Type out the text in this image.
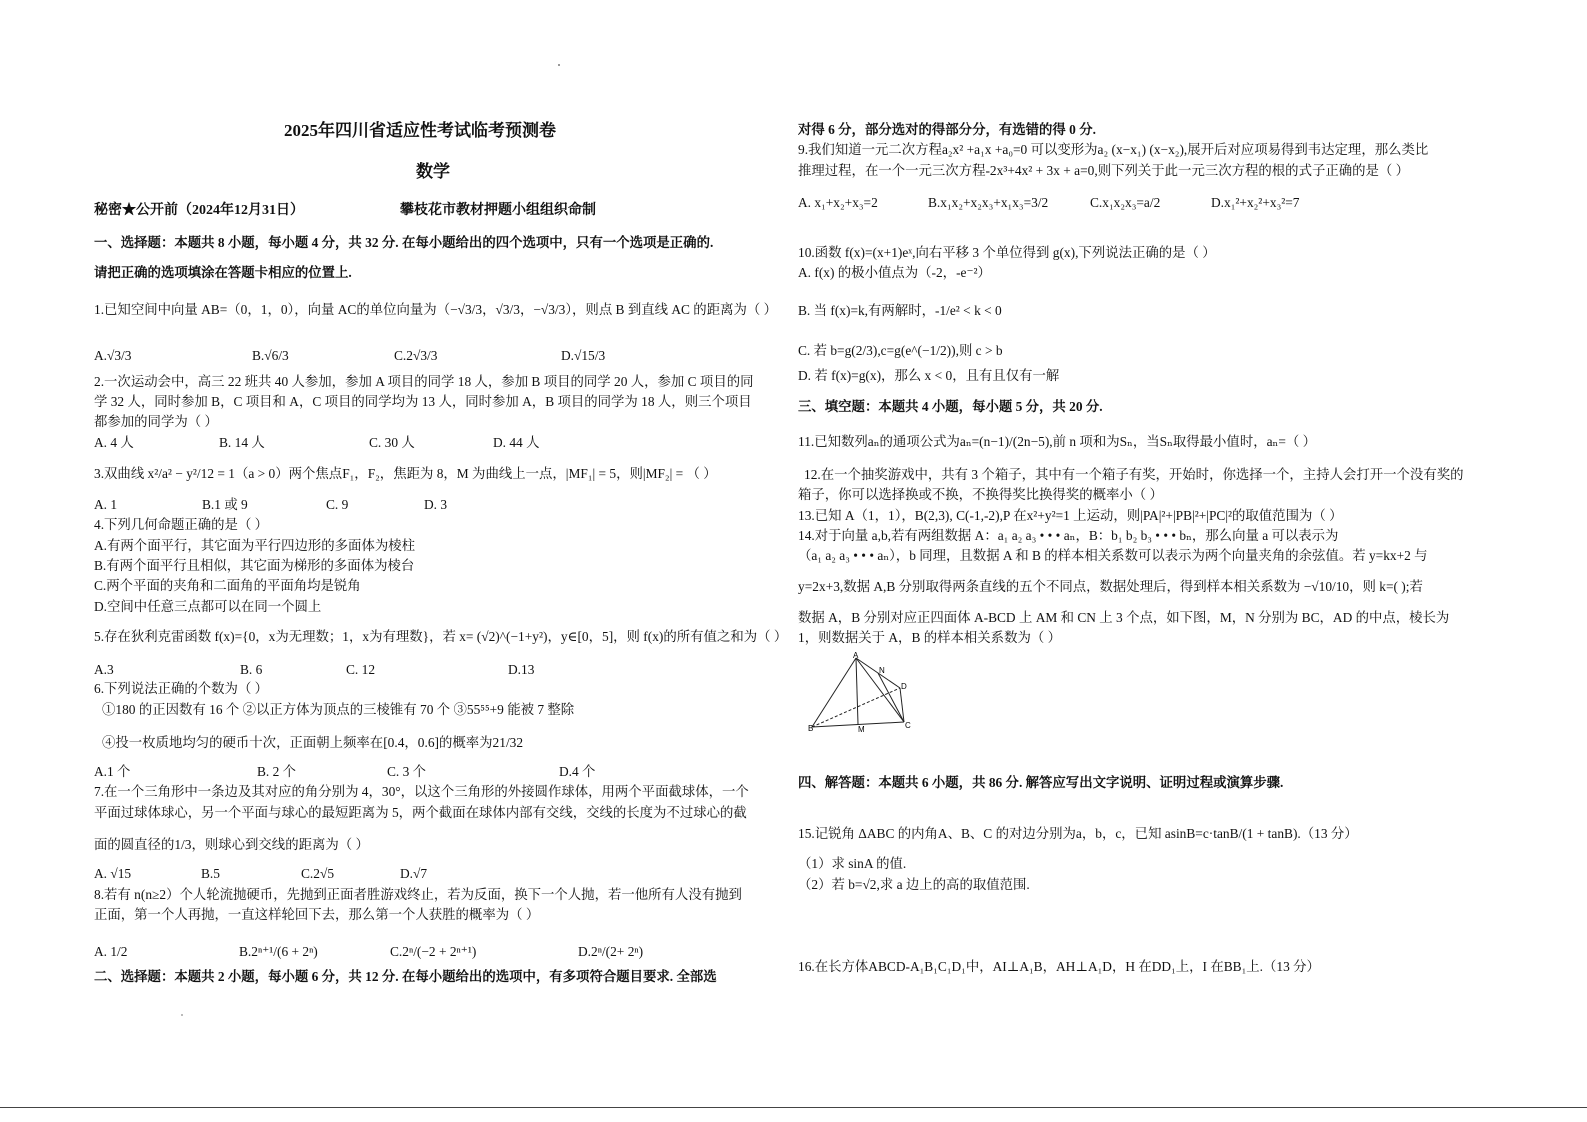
2025年四川省适应性考试临考预测卷
数学
秘密★公开前（2024年12月31日）	攀枝花市教材押题小组组织命制
一、选择题：本题共 8 小题，每小题 4 分，共 32 分. 在每小题给出的四个选项中，只有一个选项是正确的.
请把正确的选项填涂在答题卡相应的位置上.
1.已知空间中向量 AB=（0，1，0），向量 AC的单位向量为（−√3/3，√3/3，−√3/3），则点 B 到直线 AC 的距离为（ ）
A.√3/3	B.√6/3	C.2√3/3	D.√15/3
2.一次运动会中，高三 22 班共 40 人参加，参加 A 项目的同学 18 人，参加 B 项目的同学 20 人，参加 C 项目的同
学 32 人，同时参加 B，C 项目和 A，C 项目的同学均为 13 人，同时参加 A，B 项目的同学为 18 人，则三个项目
都参加的同学为（ ）
A. 4 人	B. 14 人	C. 30 人	D. 44 人
3.双曲线 x²/a² − y²/12 = 1（a > 0）两个焦点F₁，F₂，焦距为 8，M 为曲线上一点，|MF₁| = 5，则|MF₂| = （ ）
A. 1	B.1 或 9	C. 9	D. 3
4.下列几何命题正确的是（ ）
A.有两个面平行，其它面为平行四边形的多面体为棱柱
B.有两个面平行且相似，其它面为梯形的多面体为棱台
C.两个平面的夹角和二面角的平面角均是锐角
D.空间中任意三点都可以在同一个圆上
5.存在狄利克雷函数 f(x)={0，x为无理数；1，x为有理数}，若 x= (√2)^(−1+y²)，y∈[0，5]，则 f(x)的所有值之和为（ ）
A.3	B. 6	C. 12	D.13
6.下列说法正确的个数为（ ）
①180 的正因数有 16 个 ②以正方体为顶点的三棱锥有 70 个 ③55⁵⁵+9 能被 7 整除
④投一枚质地均匀的硬币十次，正面朝上频率在[0.4，0.6]的概率为21/32
A.1 个	B. 2 个	C. 3 个	D.4 个
7.在一个三角形中一条边及其对应的角分别为 4，30°，以这个三角形的外接圆作球体，用两个平面截球体，一个
平面过球体球心，另一个平面与球心的最短距离为 5，两个截面在球体内部有交线，交线的长度为不过球心的截
面的圆直径的1/3，则球心到交线的距离为（ ）
A. √15	B.5	C.2√5	D.√7
8.若有 n(n≥2）个人轮流抛硬币，先抛到正面者胜游戏终止，若为反面，换下一个人抛，若一他所有人没有抛到
正面，第一个人再抛，一直这样轮回下去，那么第一个人获胜的概率为（ ）
A. 1/2	B.2ⁿ⁺¹/(6 + 2ⁿ)	C.2ⁿ/(−2 + 2ⁿ⁺¹)	D.2ⁿ/(2+ 2ⁿ)
二、选择题：本题共 2 小题，每小题 6 分，共 12 分. 在每小题给出的选项中，有多项符合题目要求. 全部选
对得 6 分，部分选对的得部分分，有选错的得 0 分.
9.我们知道一元二次方程a₂x² +a₁x +a₀=0 可以变形为a₂ (x−x₁) (x−x₂),展开后对应项易得到韦达定理，那么类比
推理过程，在一个一元三次方程-2x³+4x² + 3x + a=0,则下列关于此一元三次方程的根的式子正确的是（ ）
A. x₁+x₂+x₃=2	B.x₁x₂+x₂x₃+x₁x₃=3/2	C.x₁x₂x₃=a/2	D.x₁²+x₂²+x₃²=7
10.函数 f(x)=(x+1)eˣ,向右平移 3 个单位得到 g(x),下列说法正确的是（ ）
A. f(x) 的极小值点为（-2，-e⁻²）
B. 当 f(x)=k,有两解时，-1/e² < k < 0
C. 若 b=g(2/3),c=g(e^(−1/2)),则 c > b
D. 若 f(x)=g(x)，那么 x < 0，且有且仅有一解
三、填空题：本题共 4 小题，每小题 5 分，共 20 分.
11.已知数列aₙ的通项公式为aₙ=(n−1)/(2n−5),前 n 项和为Sₙ，当Sₙ取得最小值时，aₙ=（ ）
12.在一个抽奖游戏中，共有 3 个箱子，其中有一个箱子有奖，开始时，你选择一个，主持人会打开一个没有奖的
箱子，你可以选择换或不换，不换得奖比换得奖的概率小（ ）
13.已知 A（1，1），B(2,3), C(-1,-2),P 在x²+y²=1 上运动，则|PA|²+|PB|²+|PC|²的取值范围为（ ）
14.对于向量 a,b,若有两组数据 A：a₁ a₂ a₃ • • • aₙ，B：b₁ b₂ b₃ • • • bₙ，那么向量 a 可以表示为
（a₁ a₂ a₃ • • • aₙ），b 同理，且数据 A 和 B 的样本相关系数可以表示为两个向量夹角的余弦值。若 y=kx+2 与
y=2x+3,数据 A,B 分别取得两条直线的五个不同点，数据处理后，得到样本相关系数为 −√10/10，则 k=( );若
数据 A，B 分别对应正四面体 A-BCD 上 AM 和 CN 上 3 个点，如下图，M，N 分别为 BC，AD 的中点，棱长为
1，则数据关于 A，B 的样本相关系数为（ ）
A
N
D
B	M	C
四、解答题：本题共 6 小题，共 86 分. 解答应写出文字说明、证明过程或演算步骤.
15.记锐角 ΔABC 的内角A、B、C 的对边分别为a，b，c，已知 asinB=c·tanB/(1 + tanB).（13 分）
（1）求 sinA 的值.
（2）若 b=√2,求 a 边上的高的取值范围.
16.在长方体ABCD-A₁B₁C₁D₁中，AI⊥A₁B，AH⊥A₁D，H 在DD₁上，I 在BB₁上.（13 分）
